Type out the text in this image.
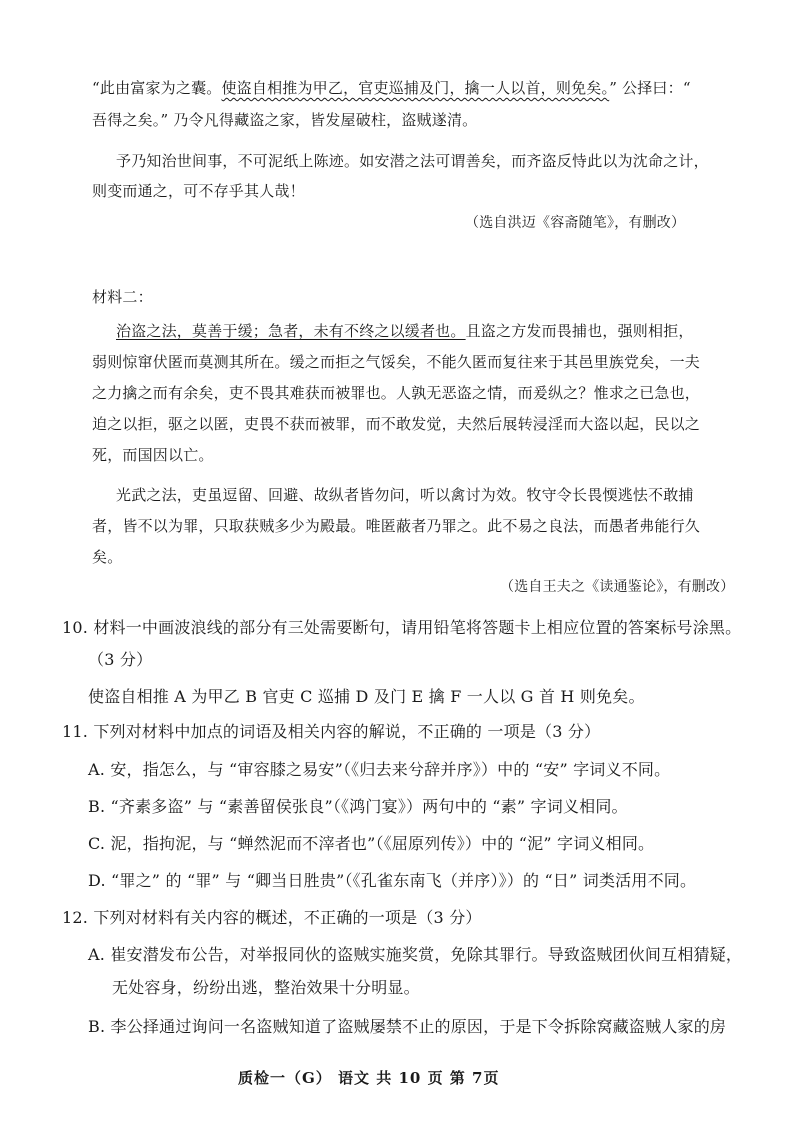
“此由富家为之囊。使盗自相推为甲乙，官吏巡捕及门，擒一人以首，则免矣。” 公择曰：“
吾得之矣。” 乃令凡得藏盗之家，皆发屋破柱，盗贼遂清。
予乃知治世间事，不可泥纸上陈迹。如安潜之法可谓善矣，而齐盗反恃此以为沈命之计，
则变而通之，可不存乎其人哉！
（选自洪迈《容斋随笔》，有删改）
材料二：
治盗之法，莫善于缓；急者，未有不终之以缓者也。且盗之方发而畏捕也，强则相拒，
弱则惊窜伏匿而莫测其所在。缓之而拒之气馁矣，不能久匿而复往来于其邑里族党矣，一夫
之力擒之而有余矣，吏不畏其难获而被罪也。人孰无恶盗之情，而爰纵之？惟求之已急也，
迫之以拒，驱之以匿，吏畏不获而被罪，而不敢发觉，夫然后展转浸淫而大盗以起，民以之
死，而国因以亡。
光武之法，吏虽逗留、回避、故纵者皆勿问，听以禽讨为效。牧守令长畏愞逃怯不敢捕
者，皆不以为罪，只取获贼多少为殿最。唯匿蔽者乃罪之。此不易之良法，而愚者弗能行久
矣。
（选自王夫之《读通鉴论》，有删改）
10. 材料一中画波浪线的部分有三处需要断句，请用铅笔将答题卡上相应位置的答案标号涂黑。
（3 分）
使盗自相推 A 为甲乙 B 官吏 C 巡捕 D 及门 E 擒 F 一人以 G 首 H 则免矣。
11. 下列对材料中加点的词语及相关内容的解说，不正确的 一项是（3 分）
A. 安，指怎么，与 “审容膝之易安”（《归去来兮辞并序》）中的 “安” 字词义不同。
B. “齐素多盗” 与 “素善留侯张良”（《鸿门宴》）两句中的 “素” 字词义相同。
C. 泥，指拘泥，与 “蝉然泥而不滓者也”（《屈原列传》）中的 “泥” 字词义相同。
D. “罪之” 的 “罪” 与 “卿当日胜贵”（《孔雀东南飞（并序）》）的 “日” 词类活用不同。
12. 下列对材料有关内容的概述，不正确的一项是（3 分）
A. 崔安潜发布公告，对举报同伙的盗贼实施奖赏，免除其罪行。导致盗贼团伙间互相猜疑，
无处容身，纷纷出逃，整治效果十分明显。
B. 李公择通过询问一名盗贼知道了盗贼屡禁不止的原因，于是下令拆除窝藏盗贼人家的房
质检一（G） 语文 共 10 页 第 7页
